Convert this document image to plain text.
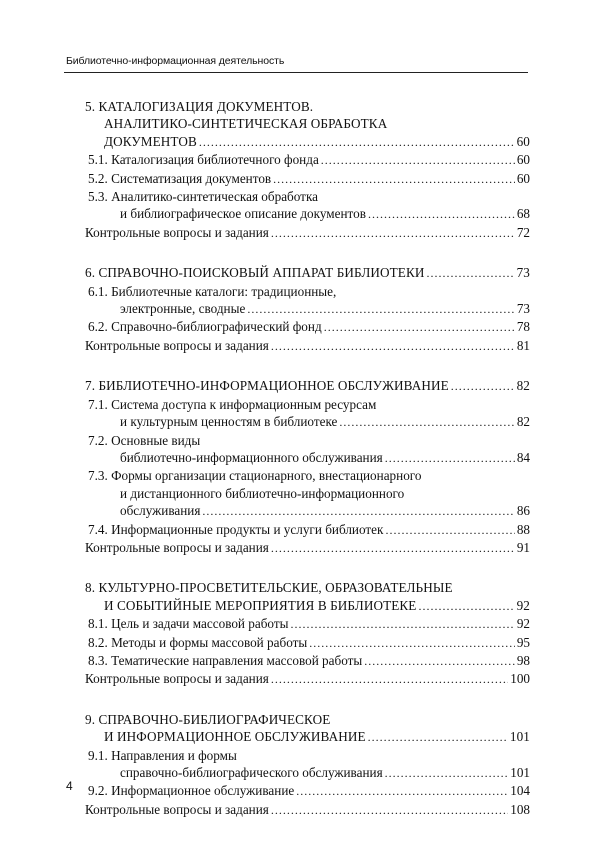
Библиотечно-информационная деятельность
5. КАТАЛОГИЗАЦИЯ ДОКУМЕНТОВ.
АНАЛИТИКО-СИНТЕТИЧЕСКАЯ ОБРАБОТКА
ДОКУМЕНТОВ .....	60
5.1. Каталогизация библиотечного фонда .....	60
5.2. Систематизация документов .....	60
5.3. Аналитико-синтетическая обработка
и библиографическое описание документов .....	68
Контрольные вопросы и задания .....	72
6. СПРАВОЧНО-ПОИСКОВЫЙ АППАРАТ БИБЛИОТЕКИ .....	73
6.1. Библиотечные каталоги: традиционные,
электронные, сводные .....	73
6.2. Справочно-библиографический фонд .....	78
Контрольные вопросы и задания .....	81
7. БИБЛИОТЕЧНО-ИНФОРМАЦИОННОЕ ОБСЛУЖИВАНИЕ .....	82
7.1. Система доступа к информационным ресурсам
и культурным ценностям в библиотеке .....	82
7.2. Основные виды
библиотечно-информационного обслуживания .....	84
7.3. Формы организации стационарного, внестационарного
и дистанционного библиотечно-информационного
обслуживания .....	86
7.4. Информационные продукты и услуги библиотек .....	88
Контрольные вопросы и задания .....	91
8. КУЛЬТУРНО-ПРОСВЕТИТЕЛЬСКИЕ, ОБРАЗОВАТЕЛЬНЫЕ
И СОБЫТИЙНЫЕ МЕРОПРИЯТИЯ В БИБЛИОТЕКЕ .....	92
8.1. Цель и задачи массовой работы .....	92
8.2. Методы и формы массовой работы .....	95
8.3. Тематические направления массовой работы .....	98
Контрольные вопросы и задания .....	100
9. СПРАВОЧНО-БИБЛИОГРАФИЧЕСКОЕ
И ИНФОРМАЦИОННОЕ ОБСЛУЖИВАНИЕ .....	101
9.1. Направления и формы
справочно-библиографического обслуживания .....	101
9.2. Информационное обслуживание .....	104
Контрольные вопросы и задания .....	108
4
